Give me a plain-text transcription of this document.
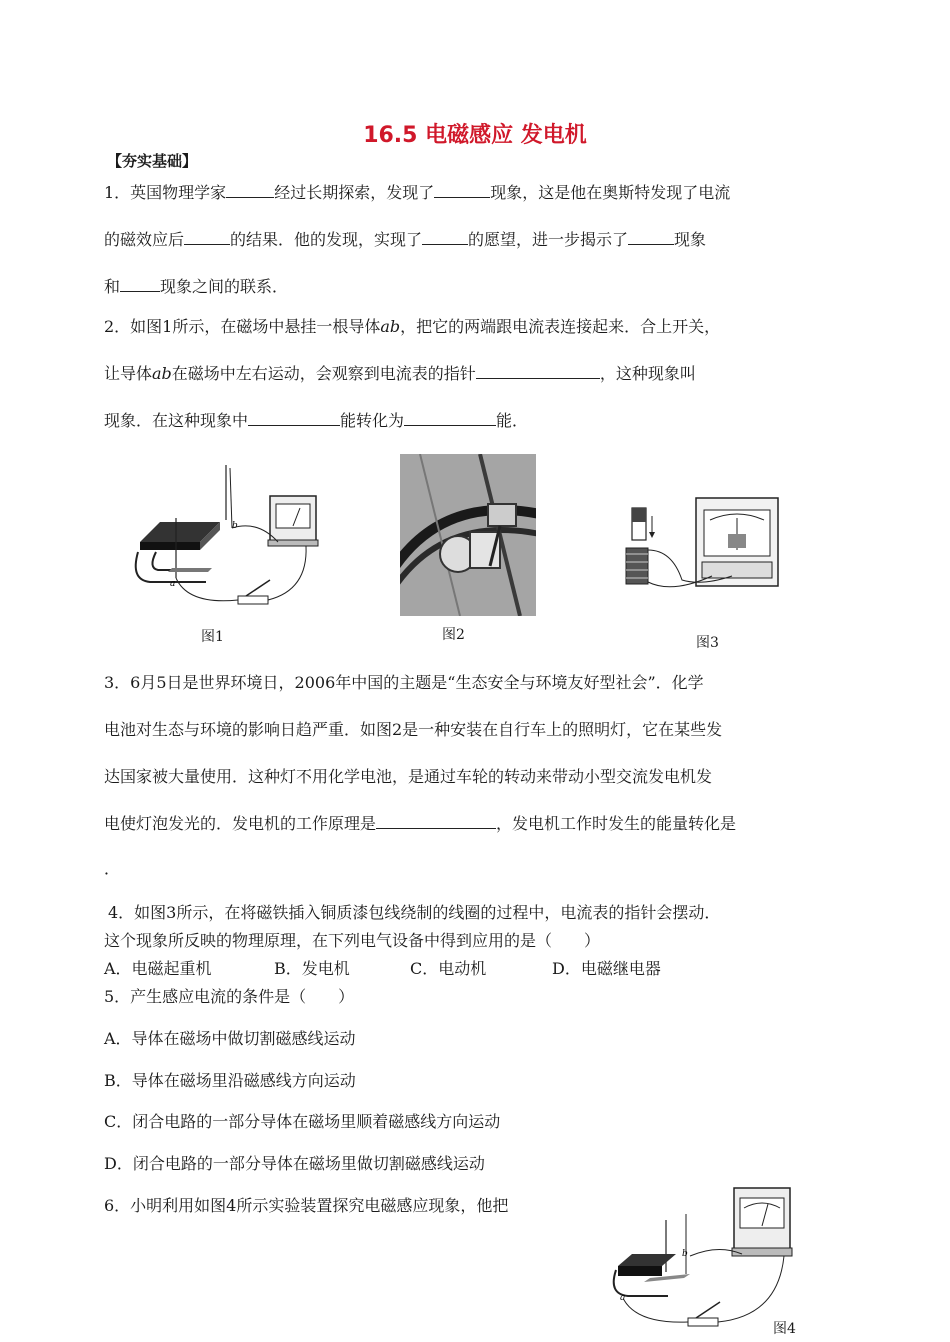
16.5 电磁感应 发电机
【夯实基础】
1．英国物理学家	经过长期探索，发现了	现象，这是他在奥斯特发现了电流
的磁效应后	的结果．他的发现，实现了	的愿望，进一步揭示了	现象
和	现象之间的联系．
2．如图1所示，在磁场中悬挂一根导体ab，把它的两端跟电流表连接起来．合上开关，
让导体ab在磁场中左右运动，会观察到电流表的指针	，这种现象叫
现象．在这种现象中	能转化为	能．
a
b
图1	图2	图3
3．6月5日是世界环境日，2006年中国的主题是“生态安全与环境友好型社会”．化学
电池对生态与环境的影响日趋严重．如图2是一种安装在自行车上的照明灯，它在某些发
达国家被大量使用．这种灯不用化学电池，是通过车轮的转动来带动小型交流发电机发
电使灯泡发光的．发电机的工作原理是	，发电机工作时发生的能量转化是
．
4．如图3所示，在将磁铁插入铜质漆包线绕制的线圈的过程中，电流表的指针会摆动．
这个现象所反映的物理原理，在下列电气设备中得到应用的是（　　）
A．电磁起重机	B．发电机	C．电动机	D．电磁继电器
5．产生感应电流的条件是（　　）
A．导体在磁场中做切割磁感线运动
B．导体在磁场里沿磁感线方向运动
C．闭合电路的一部分导体在磁场里顺着磁感线方向运动
D．闭合电路的一部分导体在磁场里做切割磁感线运动
6．小明利用如图4所示实验装置探究电磁感应现象，他把
a
b
图4
